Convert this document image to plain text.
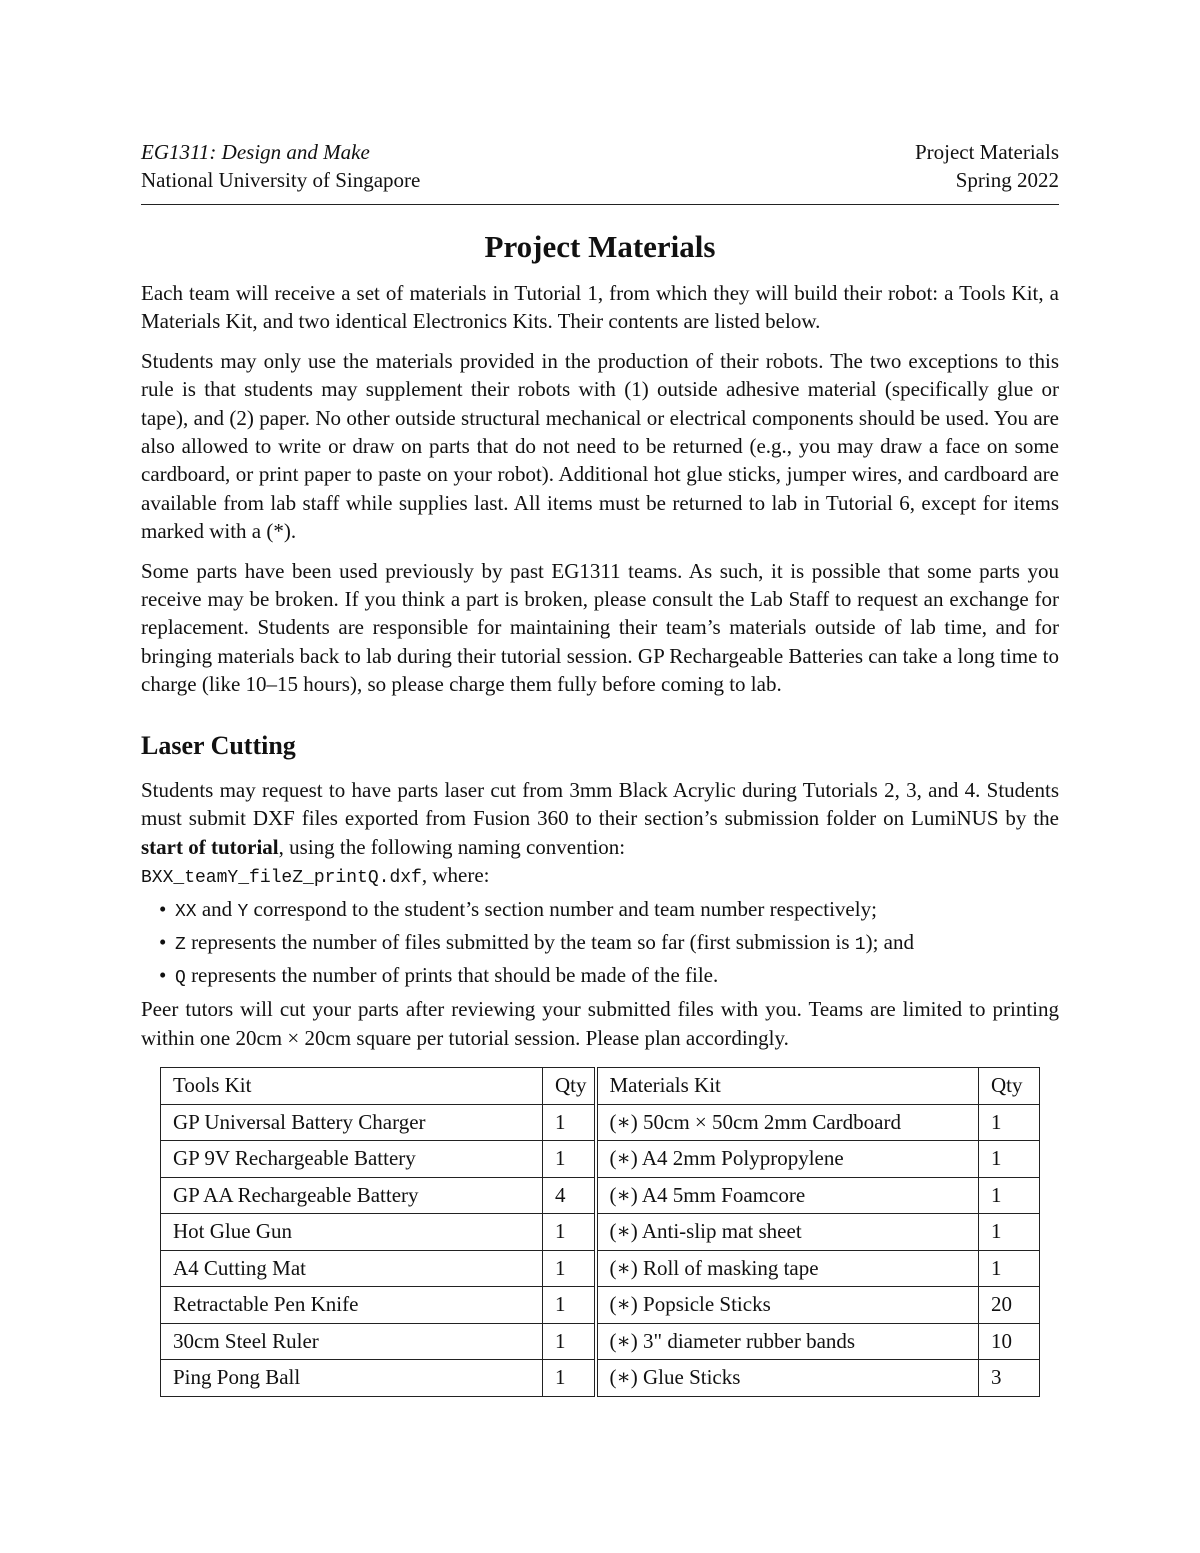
EG1311: Design and Make	Project Materials
National University of Singapore	Spring 2022
Project Materials

Each team will receive a set of materials in Tutorial 1, from which they will build their robot: a Tools Kit, a Materials Kit, and two identical Electronics Kits. Their contents are listed below.

Students may only use the materials provided in the production of their robots. The two exceptions to this rule is that students may supplement their robots with (1) outside adhesive material (specifically glue or tape), and (2) paper. No other outside structural mechanical or electrical components should be used. You are also allowed to write or draw on parts that do not need to be returned (e.g., you may draw a face on some cardboard, or print paper to paste on your robot). Additional hot glue sticks, jumper wires, and cardboard are available from lab staff while supplies last. All items must be returned to lab in Tutorial 6, except for items marked with a (*).

Some parts have been used previously by past EG1311 teams. As such, it is possible that some parts you receive may be broken. If you think a part is broken, please consult the Lab Staff to request an exchange for replacement. Students are responsible for maintaining their team’s materials outside of lab time, and for bringing materials back to lab during their tutorial session. GP Rechargeable Batteries can take a long time to charge (like 10–15 hours), so please charge them fully before coming to lab.

Laser Cutting

Students may request to have parts laser cut from 3mm Black Acrylic during Tutorials 2, 3, and 4. Students must submit DXF files exported from Fusion 360 to their section’s submission folder on LumiNUS by the start of tutorial, using the following naming convention:
BXX_teamY_fileZ_printQ.dxf, where:

• XX and Y correspond to the student’s section number and team number respectively;
• Z represents the number of files submitted by the team so far (first submission is 1); and
• Q represents the number of prints that should be made of the file.

Peer tutors will cut your parts after reviewing your submitted files with you. Teams are limited to printing within one 20cm × 20cm square per tutorial session. Please plan accordingly.

Tools Kit	Qty	Materials Kit	Qty
GP Universal Battery Charger	1	(∗) 50cm × 50cm 2mm Cardboard	1
GP 9V Rechargeable Battery	1	(∗) A4 2mm Polypropylene	1
GP AA Rechargeable Battery	4	(∗) A4 5mm Foamcore	1
Hot Glue Gun	1	(∗) Anti-slip mat sheet	1
A4 Cutting Mat	1	(∗) Roll of masking tape	1
Retractable Pen Knife	1	(∗) Popsicle Sticks	20
30cm Steel Ruler	1	(∗) 3" diameter rubber bands	10
Ping Pong Ball	1	(∗) Glue Sticks	3
